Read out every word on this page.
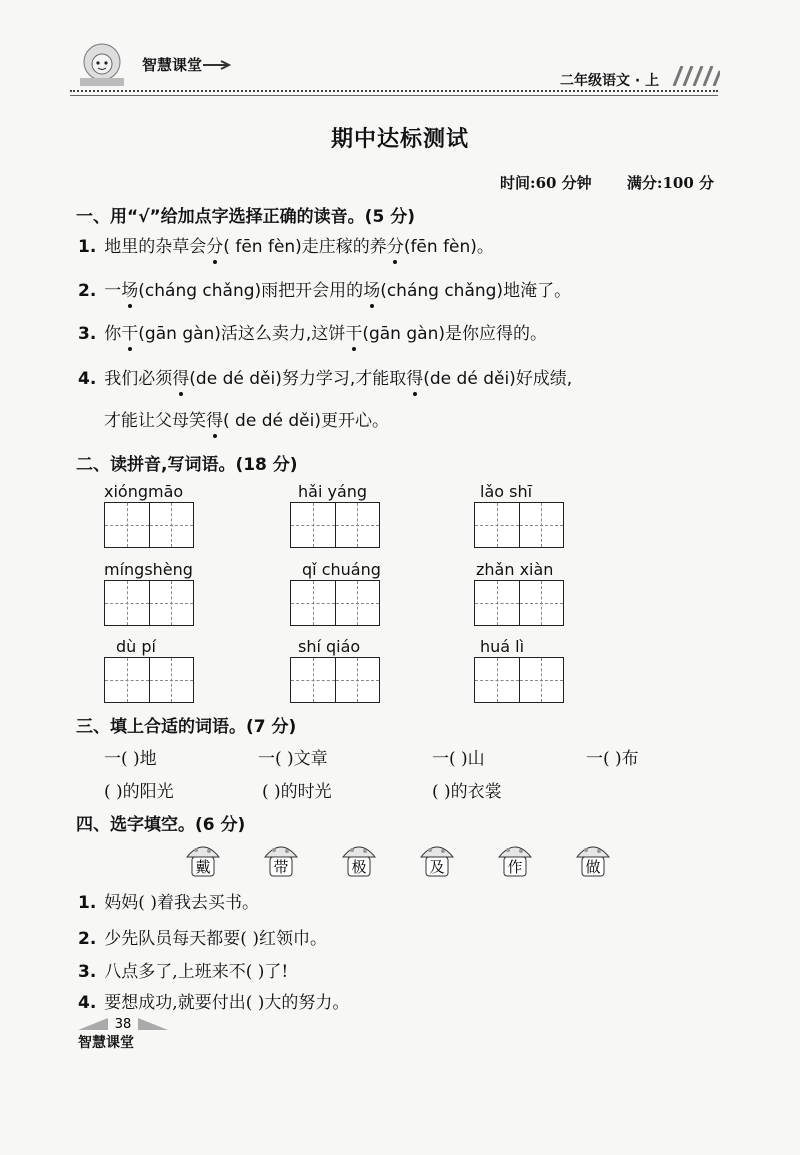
智慧课堂
二年级语文 · 上
期中达标测试
时间:60 分钟 满分:100 分
一、用“√”给加点字选择正确的读音。(5 分)
1. 地里的杂草会分( fēn fèn)走庄稼的养分(fēn fèn)。
2. 一场(cháng chǎng)雨把开会用的场(cháng chǎng)地淹了。
3. 你干(gān gàn)活这么卖力,这饼干(gān gàn)是你应得的。
4. 我们必须得(de dé děi)努力学习,才能取得(de dé děi)好成绩,
才能让父母笑得( de dé děi)更开心。
二、读拼音,写词语。(18 分)
xióngmāo	hǎi yáng	lǎo shī
míngshèng	qǐ chuáng	zhǎn xiàn
dù pí	shí qiáo	huá lì
三、填上合适的词语。(7 分)
一( )地	一( )文章	一( )山	一( )布
( )的阳光	( )的时光	( )的衣裳
四、选字填空。(6 分)
戴	带	极	及	作	做
1. 妈妈( )着我去买书。
2. 少先队员每天都要( )红领巾。
3. 八点多了,上班来不( )了!
4. 要想成功,就要付出( )大的努力。
38
智慧课堂
